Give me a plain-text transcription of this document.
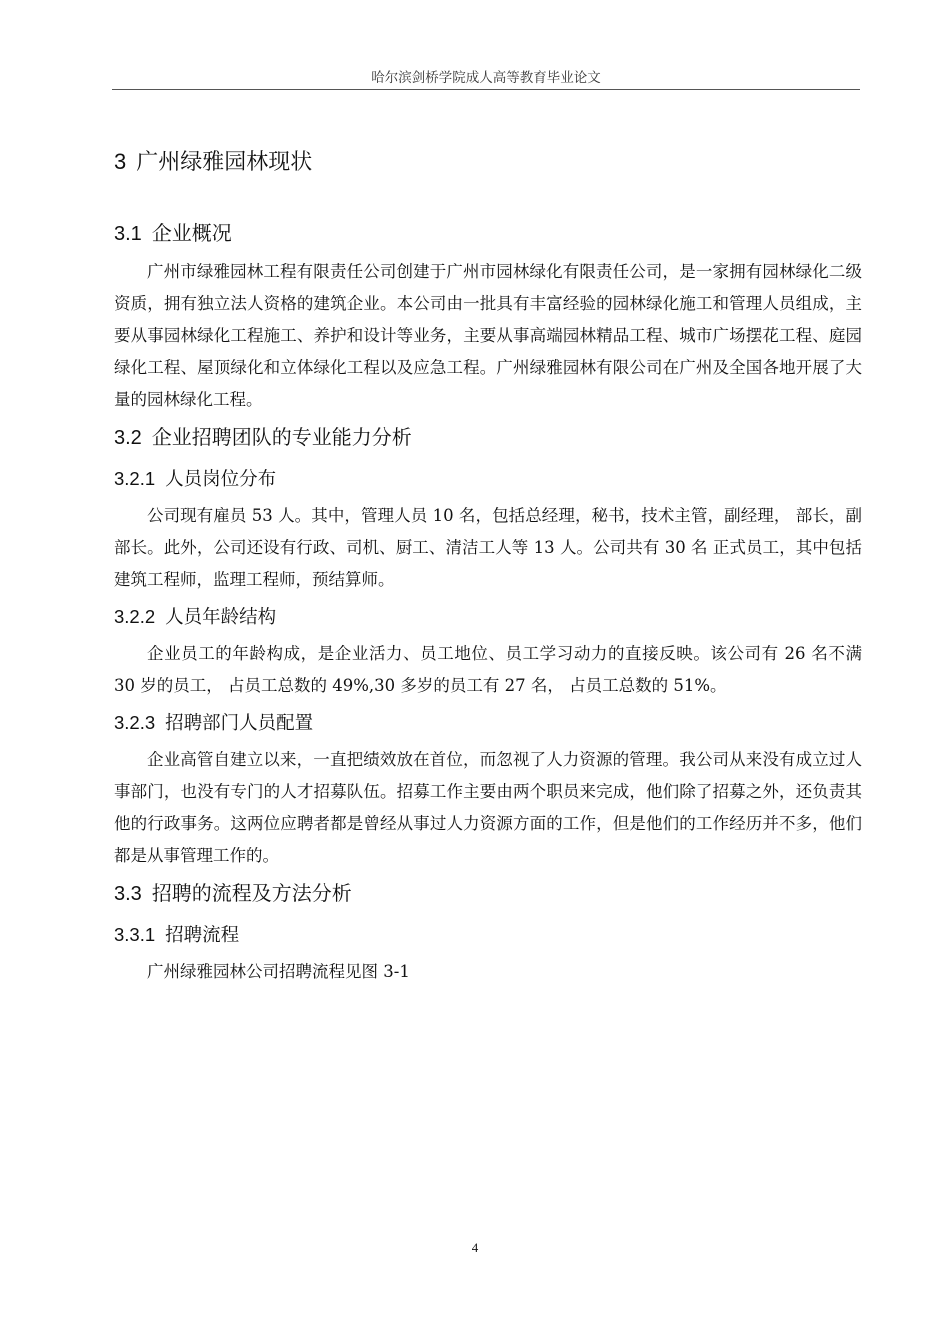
哈尔滨剑桥学院成人高等教育毕业论文
3 广州绿雅园林现状
3.1 企业概况

广州市绿雅园林工程有限责任公司创建于广州市园林绿化有限责任公司，是一家拥有园林绿化二级资质，拥有独立法人资格的建筑企业。本公司由一批具有丰富经验的园林绿化施工和管理人员组成，主要从事园林绿化工程施工、养护和设计等业务，主要从事高端园林精品工程、城市广场摆花工程、庭园绿化工程、屋顶绿化和立体绿化工程以及应急工程。广州绿雅园林有限公司在广州及全国各地开展了大量的园林绿化工程。

3.2 企业招聘团队的专业能力分析
3.2.1 人员岗位分布

公司现有雇员 53 人。其中，管理人员 10 名，包括总经理，秘书，技术主管，副经理， 部长，副部长。此外，公司还设有行政、司机、厨工、清洁工人等 13 人。公司共有 30 名 正式员工，其中包括建筑工程师，监理工程师，预结算师。

3.2.2 人员年龄结构

企业员工的年龄构成，是企业活力、员工地位、员工学习动力的直接反映。该公司有 26 名不满 30 岁的员工， 占员工总数的 49%,30 多岁的员工有 27 名， 占员工总数的 51%。

3.2.3 招聘部门人员配置

企业高管自建立以来，一直把绩效放在首位，而忽视了人力资源的管理。我公司从来没有成立过人事部门，也没有专门的人才招募队伍。招募工作主要由两个职员来完成，他们除了招募之外，还负责其他的行政事务。这两位应聘者都是曾经从事过人力资源方面的工作，但是他们的工作经历并不多，他们都是从事管理工作的。

3.3 招聘的流程及方法分析
3.3.1 招聘流程

广州绿雅园林公司招聘流程见图 3-1

4
